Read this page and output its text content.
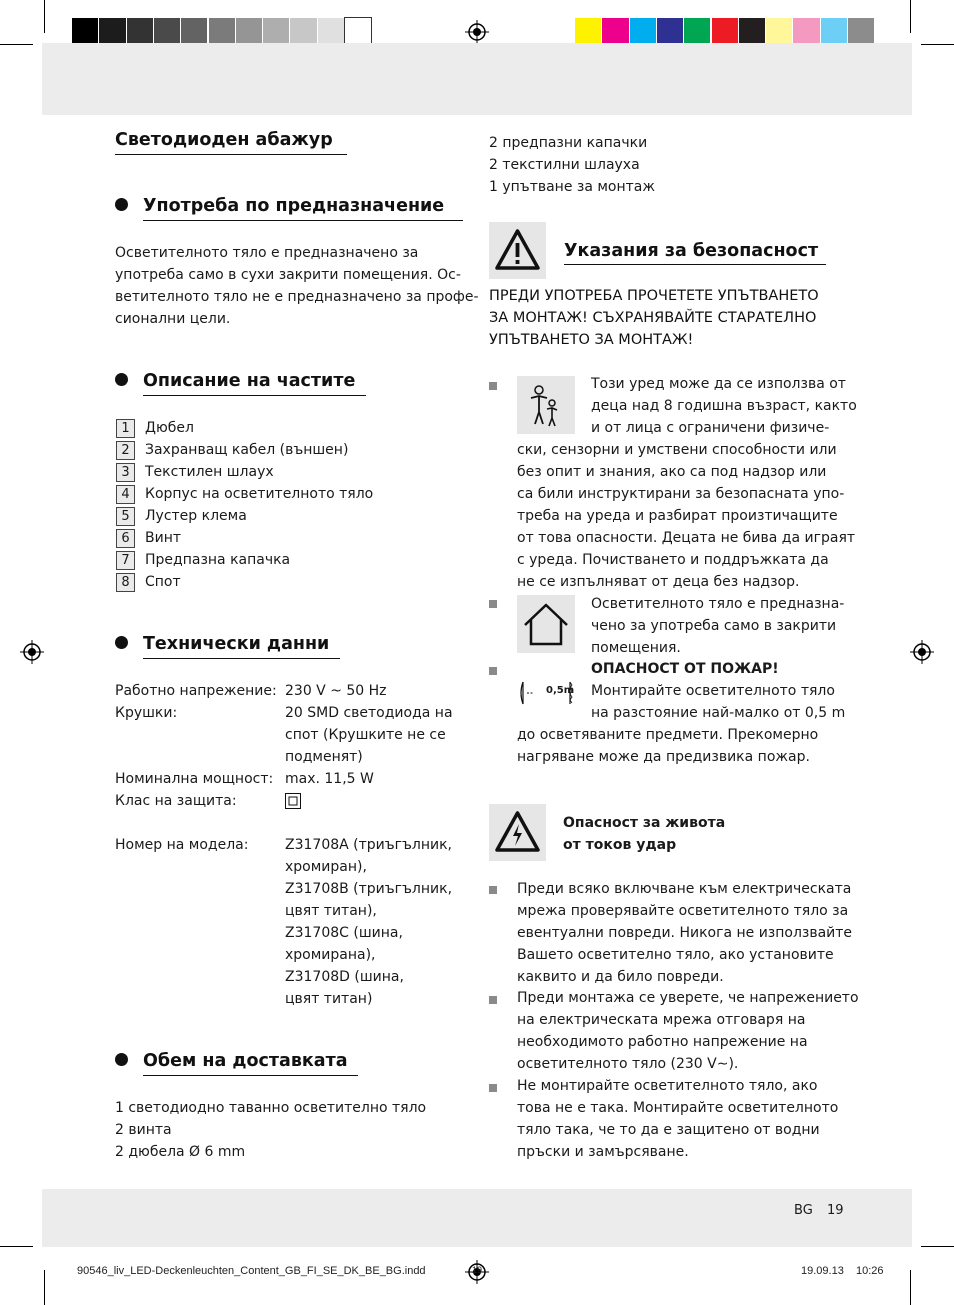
Светодиоден абажур
Употреба по предназначение
Осветителното тяло е предназначено за
употреба само в сухи закрити помещения. Ос-
ветителното тяло не е предназначено за профе-
сионални цели.
Описание на частите
1 Дюбел
2 Захранващ кабел (външен)
3 Текстилен шлаух
4 Корпус на осветителното тяло
5 Лустер клема
6 Винт
7 Предпазна капачка
8 Спот
Технически данни
Работно напрежение: 230 V ~ 50 Hz
Крушки:	20 SMD светодиода на
спот (Крушките не се
подменят)
Номинална мощност: max. 11,5 W
Клас на защита:
Номер на модела:	Z31708A (триъгълник,
хромиран),
Z31708B (триъгълник,
цвят титан),
Z31708C (шина,
хромирана),
Z31708D (шина,
цвят титан)
Обем на доставката
1 светодиодно таванно осветително тяло
2 винта
2 дюбела Ø 6 mm
2 предпазни капачки
2 текстилни шлауха
1 упътване за монтаж
Указания за безопасност
ПРЕДИ УПОТРЕБА ПРОЧЕТЕТЕ УПЪТВАНЕТО
ЗА МОНТАЖ! СЪХРАНЯВАЙТЕ СТАРАТЕЛНО
УПЪТВАНЕТО ЗА МОНТАЖ!
Този уред може да се използва от
деца над 8 годишна възраст, както
и от лица с ограничени физиче-
ски, сензорни и умствени способности или
без опит и знания, ако са под надзор или
са били инструктирани за безопасната упо-
треба на уреда и разбират произтичащите
от това опасности. Децата не бива да играят
с уреда. Почистването и поддръжката да
не се изпълняват от деца без надзор.
Осветителното тяло е предназна-
чено за употреба само в закрити
помещения.
0,5m
ОПАСНОСТ ОТ ПОЖАР!
Монтирайте осветителното тяло
на разстояние най-малко от 0,5 m
до осветяваните предмети. Прекомерно
нагряване може да предизвика пожар.
Опасност за живота
от токов удар
Преди всяко включване към електрическата
мрежа проверявайте осветителното тяло за
евентуални повреди. Никога не използвайте
Вашето осветително тяло, ако установите
каквито и да било повреди.
Преди монтажа се уверете, че напрежението
на електрическата мрежа отговаря на
необходимото работно напрежение на
осветителното тяло (230 V∼).
Не монтирайте осветителното тяло, ако
това не е така. Монтирайте осветителното
тяло така, че то да е защитено от водни
пръски и замърсяване.
BG 19
90546_liv_LED-Deckenleuchten_Content_GB_FI_SE_DK_BE_BG.indd	19	19.09.13 10:26
